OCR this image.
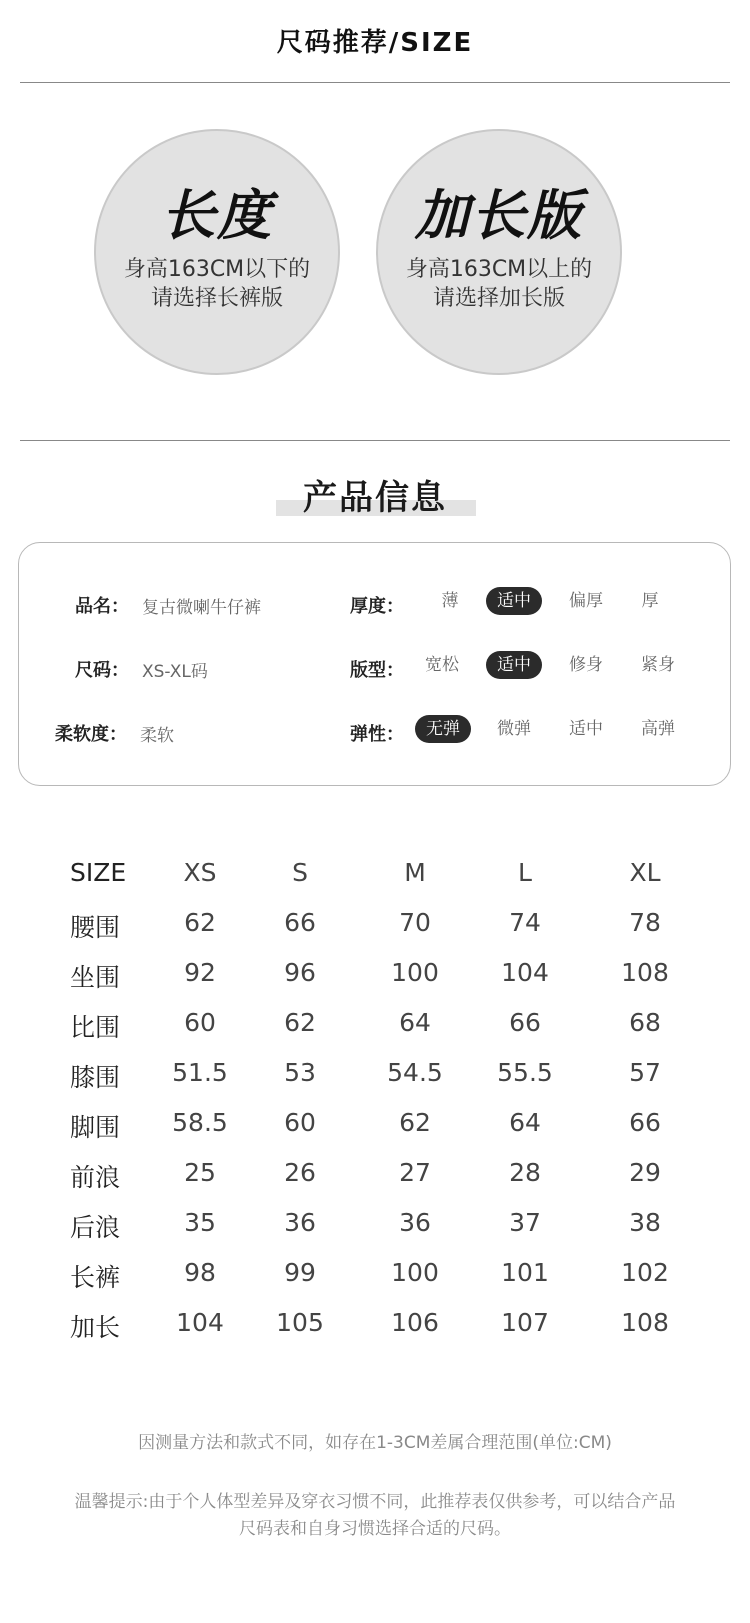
尺码推荐/SIZE
长度
身高163CM以下的
请选择长裤版
加长版
身高163CM以上的
请选择加长版
产品信息
品名： 复古微喇牛仔裤
尺码： XS-XL码
柔软度： 柔软
厚度：	薄	适中	偏厚	厚
版型：	宽松	适中	修身	紧身
弹性：	无弹	微弹	适中	高弹
SIZE	XS	S	M	L	XL
腰围	62	66	70	74	78
坐围	92	96	100	104	108
比围	60	62	64	66	68
膝围	51.5	53	54.5	55.5	57
脚围	58.5	60	62	64	66
前浪	25	26	27	28	29
后浪	35	36	36	37	38
长裤	98	99	100	101	102
加长	104	105	106	107	108
因测量方法和款式不同，如存在1-3CM差属合理范围(单位:CM)
温馨提示:由于个人体型差异及穿衣习惯不同，此推荐表仅供参考，可以结合产品
尺码表和自身习惯选择合适的尺码。
